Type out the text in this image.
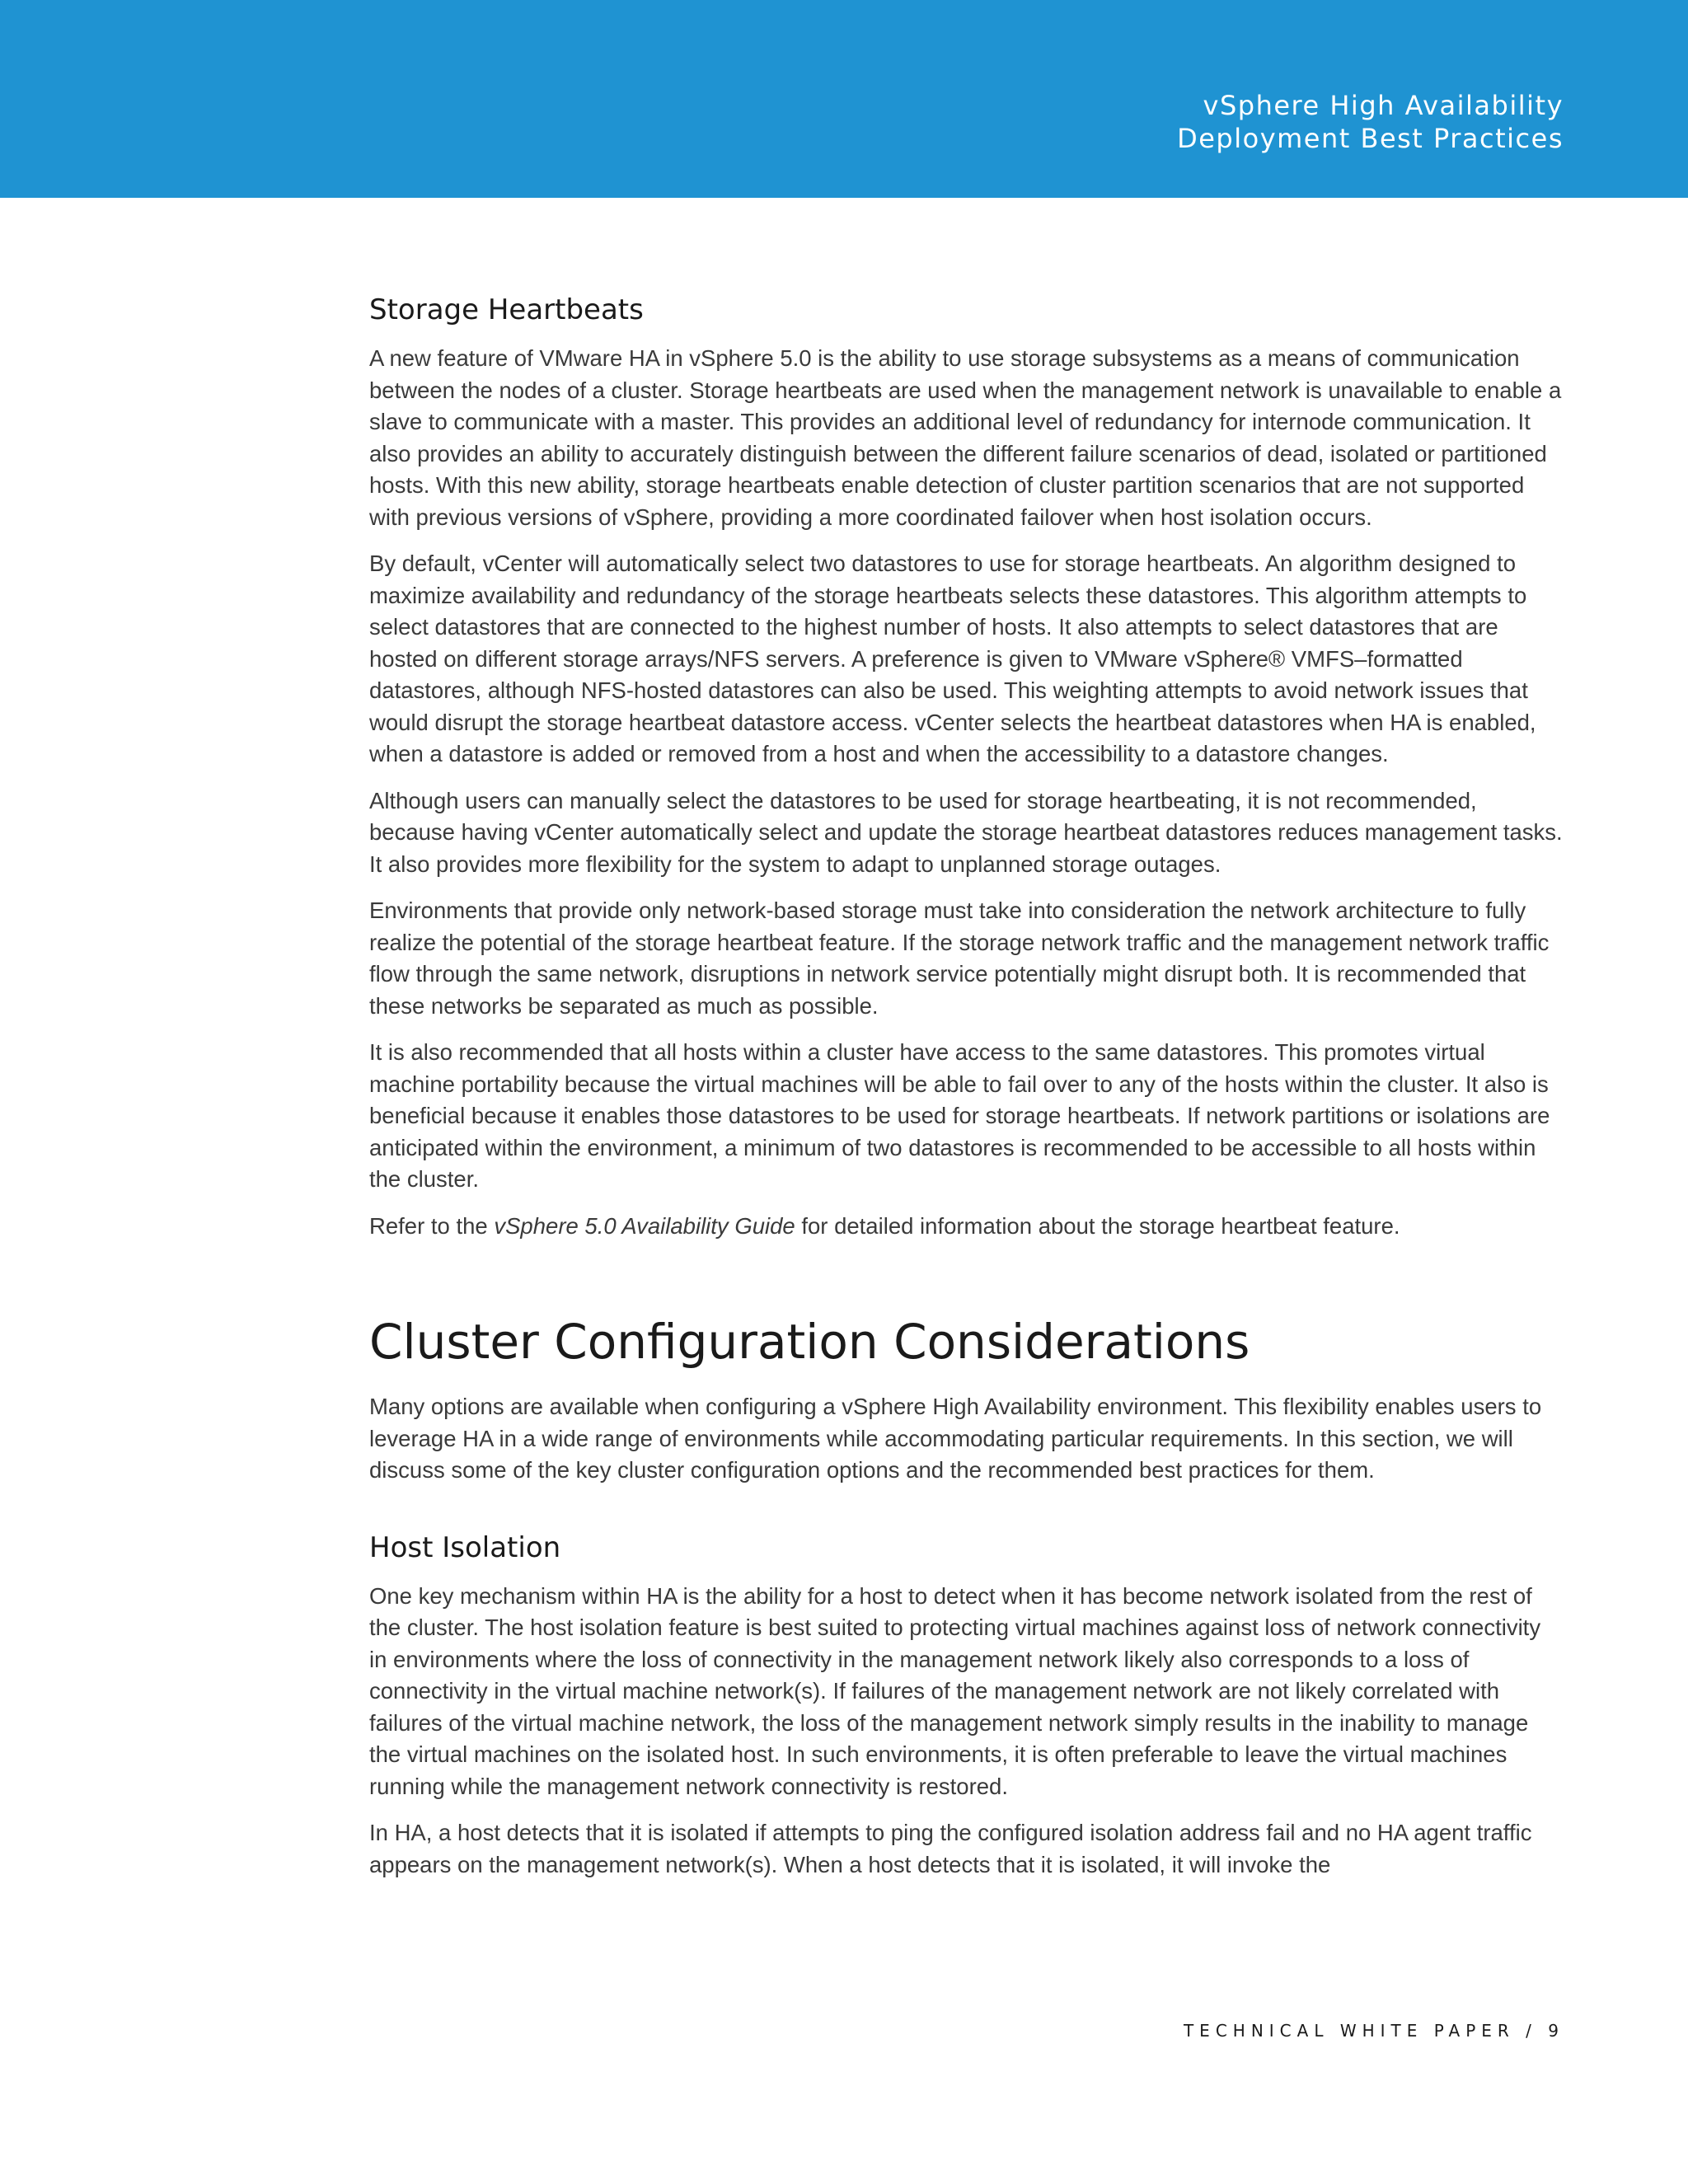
vSphere High Availability
Deployment Best Practices
Storage Heartbeats

A new feature of VMware HA in vSphere 5.0 is the ability to use storage subsystems as a means of communication between the nodes of a cluster. Storage heartbeats are used when the management network is unavailable to enable a slave to communicate with a master. This provides an additional level of redundancy for internode communication. It also provides an ability to accurately distinguish between the different failure scenarios of dead, isolated or partitioned hosts. With this new ability, storage heartbeats enable detection of cluster partition scenarios that are not supported with previous versions of vSphere, providing a more coordinated failover when host isolation occurs.

By default, vCenter will automatically select two datastores to use for storage heartbeats. An algorithm designed to maximize availability and redundancy of the storage heartbeats selects these datastores. This algorithm attempts to select datastores that are connected to the highest number of hosts. It also attempts to select datastores that are hosted on different storage arrays/NFS servers. A preference is given to VMware vSphere® VMFS–formatted datastores, although NFS-hosted datastores can also be used. This weighting attempts to avoid network issues that would disrupt the storage heartbeat datastore access. vCenter selects the heartbeat datastores when HA is enabled, when a datastore is added or removed from a host and when the accessibility to a datastore changes.

Although users can manually select the datastores to be used for storage heartbeating, it is not recommended, because having vCenter automatically select and update the storage heartbeat datastores reduces management tasks. It also provides more flexibility for the system to adapt to unplanned storage outages.

Environments that provide only network-based storage must take into consideration the network architecture to fully realize the potential of the storage heartbeat feature. If the storage network traffic and the management network traffic flow through the same network, disruptions in network service potentially might disrupt both. It is recommended that these networks be separated as much as possible.

It is also recommended that all hosts within a cluster have access to the same datastores. This promotes virtual machine portability because the virtual machines will be able to fail over to any of the hosts within the cluster. It also is beneficial because it enables those datastores to be used for storage heartbeats. If network partitions or isolations are anticipated within the environment, a minimum of two datastores is recommended to be accessible to all hosts within the cluster.

Refer to the vSphere 5.0 Availability Guide for detailed information about the storage heartbeat feature.

Cluster Configuration Considerations

Many options are available when configuring a vSphere High Availability environment. This flexibility enables users to leverage HA in a wide range of environments while accommodating particular requirements. In this section, we will discuss some of the key cluster configuration options and the recommended best practices for them.

Host Isolation

One key mechanism within HA is the ability for a host to detect when it has become network isolated from the rest of the cluster. The host isolation feature is best suited to protecting virtual machines against loss of network connectivity in environments where the loss of connectivity in the management network likely also corresponds to a loss of connectivity in the virtual machine network(s). If failures of the management network are not likely correlated with failures of the virtual machine network, the loss of the management network simply results in the inability to manage the virtual machines on the isolated host. In such environments, it is often preferable to leave the virtual machines running while the management network connectivity is restored.

In HA, a host detects that it is isolated if attempts to ping the configured isolation address fail and no HA agent traffic appears on the management network(s). When a host detects that it is isolated, it will invoke the

TECHNICAL WHITE PAPER / 9
